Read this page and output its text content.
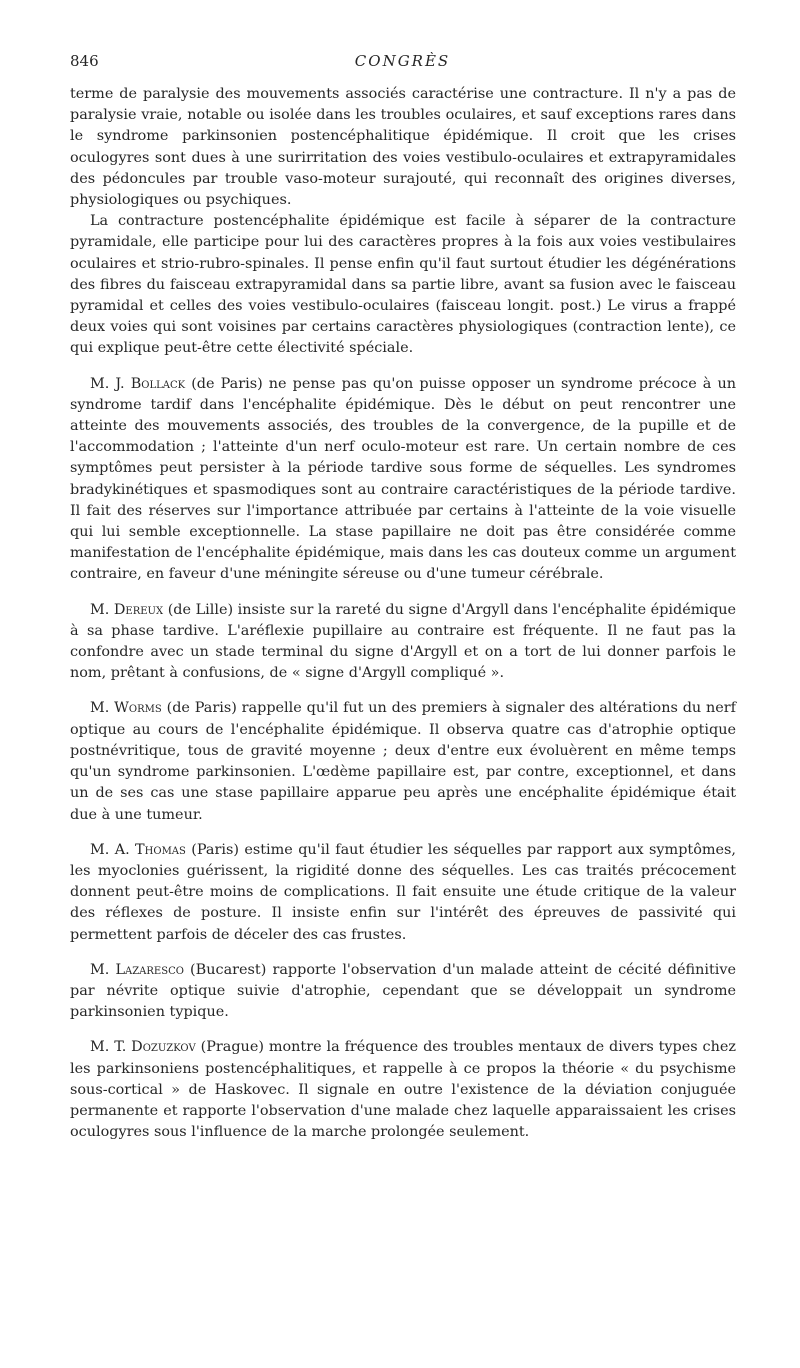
846	CONGRÈS

terme de paralysie des mouvements associés caractérise une contracture. Il n'y a pas de paralysie vraie, notable ou isolée dans les troubles oculaires, et sauf exceptions rares dans le syndrome parkinsonien postencéphalitique épidémique. Il croit que les crises oculogyres sont dues à une surirritation des voies vestibulo-oculaires et extrapyramidales des pédoncules par trouble vaso-moteur surajouté, qui reconnaît des origines diverses, physiologiques ou psychiques.

La contracture postencéphalite épidémique est facile à séparer de la contracture pyramidale, elle participe pour lui des caractères propres à la fois aux voies vestibulaires oculaires et strio-rubro-spinales. Il pense enfin qu'il faut surtout étudier les dégénérations des fibres du faisceau extrapyramidal dans sa partie libre, avant sa fusion avec le faisceau pyramidal et celles des voies vestibulo-oculaires (faisceau longit. post.) Le virus a frappé deux voies qui sont voisines par certains caractères physiologiques (contraction lente), ce qui explique peut-être cette électivité spéciale.

M. J. Bollack (de Paris) ne pense pas qu'on puisse opposer un syndrome précoce à un syndrome tardif dans l'encéphalite épidémique. Dès le début on peut rencontrer une atteinte des mouvements associés, des troubles de la convergence, de la pupille et de l'accommodation ; l'atteinte d'un nerf oculo-moteur est rare. Un certain nombre de ces symptômes peut persister à la période tardive sous forme de séquelles. Les syndromes bradykinétiques et spasmodiques sont au contraire caractéristiques de la période tardive. Il fait des réserves sur l'importance attribuée par certains à l'atteinte de la voie visuelle qui lui semble exceptionnelle. La stase papillaire ne doit pas être considérée comme manifestation de l'encéphalite épidémique, mais dans les cas douteux comme un argument contraire, en faveur d'une méningite séreuse ou d'une tumeur cérébrale.

M. Dereux (de Lille) insiste sur la rareté du signe d'Argyll dans l'encéphalite épidémique à sa phase tardive. L'aréflexie pupillaire au contraire est fréquente. Il ne faut pas la confondre avec un stade terminal du signe d'Argyll et on a tort de lui donner parfois le nom, prêtant à confusions, de « signe d'Argyll compliqué ».

M. Worms (de Paris) rappelle qu'il fut un des premiers à signaler des altérations du nerf optique au cours de l'encéphalite épidémique. Il observa quatre cas d'atrophie optique postnévritique, tous de gravité moyenne ; deux d'entre eux évoluèrent en même temps qu'un syndrome parkinsonien. L'œdème papillaire est, par contre, exceptionnel, et dans un de ses cas une stase papillaire apparue peu après une encéphalite épidémique était due à une tumeur.

M. A. Thomas (Paris) estime qu'il faut étudier les séquelles par rapport aux symptômes, les myoclonies guérissent, la rigidité donne des séquelles. Les cas traités précocement donnent peut-être moins de complications. Il fait ensuite une étude critique de la valeur des réflexes de posture. Il insiste enfin sur l'intérêt des épreuves de passivité qui permettent parfois de déceler des cas frustes.

M. Lazaresco (Bucarest) rapporte l'observation d'un malade atteint de cécité définitive par névrite optique suivie d'atrophie, cependant que se développait un syndrome parkinsonien typique.

M. T. Dozuzkov (Prague) montre la fréquence des troubles mentaux de divers types chez les parkinsoniens postencéphalitiques, et rappelle à ce propos la théorie « du psychisme sous-cortical » de Haskovec. Il signale en outre l'existence de la déviation conjuguée permanente et rapporte l'observation d'une malade chez laquelle apparaissaient les crises oculogyres sous l'influence de la marche prolongée seulement.
